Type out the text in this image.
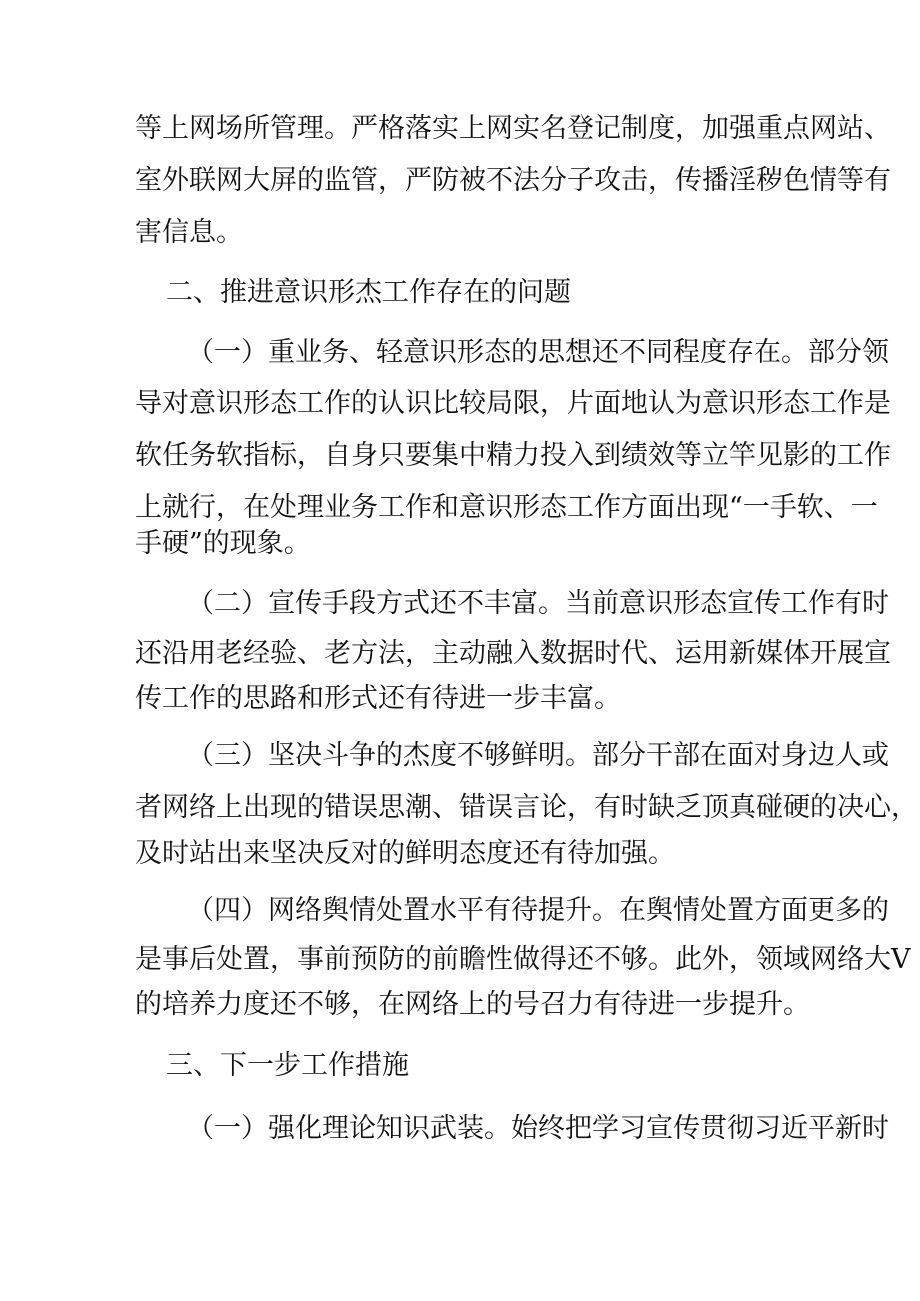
等上网场所管理。严格落实上网实名登记制度，加强重点网站、
室外联网大屏的监管，严防被不法分子攻击，传播淫秽色情等有
害信息。
二、推进意识形杰工作存在的问题
（一）重业务、轻意识形态的思想还不同程度存在。部分领
导对意识形态工作的认识比较局限，片面地认为意识形态工作是
软任务软指标，自身只要集中精力投入到绩效等立竿见影的工作
上就行，在处理业务工作和意识形态工作方面出现“一手软、一
手硬”的现象。
（二）宣传手段方式还不丰富。当前意识形态宣传工作有时
还沿用老经验、老方法，主动融入数据时代、运用新媒体开展宣
传工作的思路和形式还有待进一步丰富。
（三）坚决斗争的杰度不够鲜明。部分干部在面对身边人或
者网络上出现的错误思潮、错误言论，有时缺乏顶真碰硬的决心，
及时站出来坚决反对的鲜明态度还有待加强。
（四）网络舆情处置水平有待提升。在舆情处置方面更多的
是事后处置，事前预防的前瞻性做得还不够。此外，领域网络大V
的培养力度还不够，在网络上的号召力有待进一步提升。
三、下一步工作措施
（一）强化理论知识武装。始终把学习宣传贯彻习近平新时
